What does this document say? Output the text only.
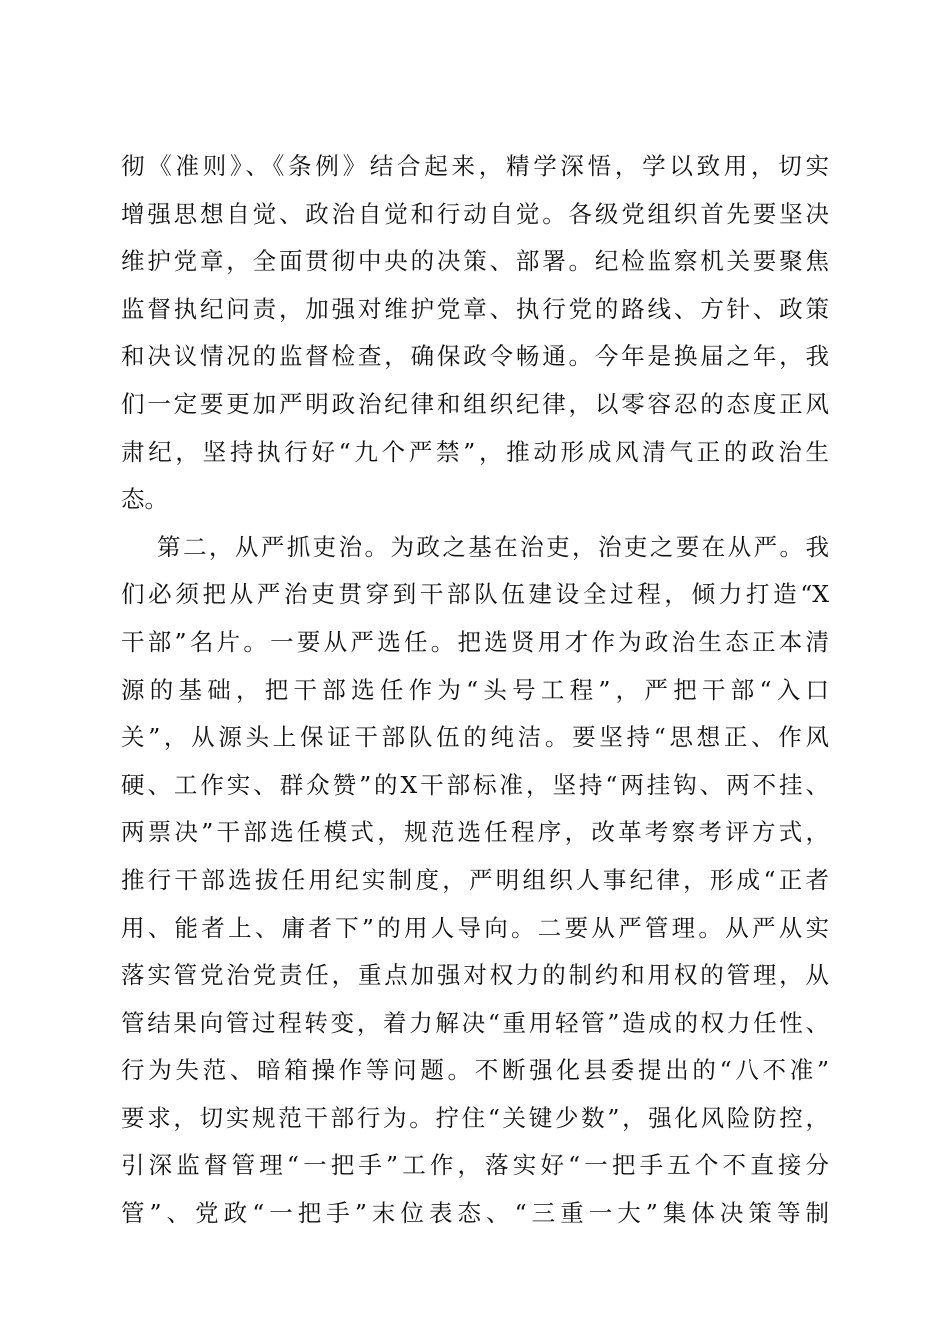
彻《准则》、《条例》结合起来，精学深悟，学以致用，切实
增强思想自觉、政治自觉和行动自觉。各级党组织首先要坚决
维护党章，全面贯彻中央的决策、部署。纪检监察机关要聚焦
监督执纪问责，加强对维护党章、执行党的路线、方针、政策
和决议情况的监督检查，确保政令畅通。今年是换届之年，我
们一定要更加严明政治纪律和组织纪律，以零容忍的态度正风
肃纪，坚持执行好“九个严禁”，推动形成风清气正的政治生
态。
第二，从严抓吏治。为政之基在治吏，治吏之要在从严。我
们必须把从严治吏贯穿到干部队伍建设全过程，倾力打造“X
干部”名片。一要从严选任。把选贤用才作为政治生态正本清
源的基础，把干部选任作为“头号工程”，严把干部“入口
关”，从源头上保证干部队伍的纯洁。要坚持“思想正、作风
硬、工作实、群众赞”的X干部标准，坚持“两挂钩、两不挂、
两票决”干部选任模式，规范选任程序，改革考察考评方式，
推行干部选拔任用纪实制度，严明组织人事纪律，形成“正者
用、能者上、庸者下”的用人导向。二要从严管理。从严从实
落实管党治党责任，重点加强对权力的制约和用权的管理，从
管结果向管过程转变，着力解决“重用轻管”造成的权力任性、
行为失范、暗箱操作等问题。不断强化县委提出的“八不准”
要求，切实规范干部行为。拧住“关键少数”，强化风险防控，
引深监督管理“一把手”工作，落实好“一把手五个不直接分
管”、党政“一把手”末位表态、“三重一大”集体决策等制
